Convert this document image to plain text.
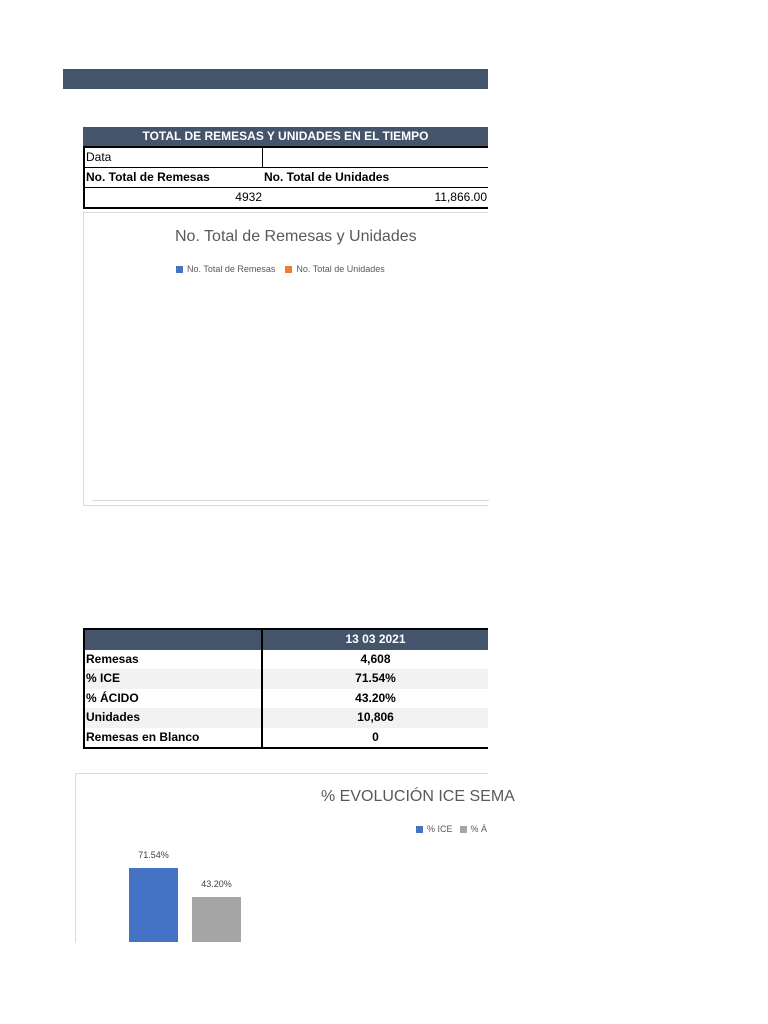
TOTAL DE REMESAS Y UNIDADES EN EL TIEMPO
Data
No. Total de Remesas	No. Total de Unidades
4932	11,866.00
No. Total de Remesas y Unidades
No. Total de Remesas No. Total de Unidades
13 03 2021
Remesas	4,608
% ICE	71.54%
% ÁCIDO	43.20%
Unidades	10,806
Remesas en Blanco	0
% EVOLUCIÓN ICE SEMA
% ICE % Á
71.54%
43.20%
